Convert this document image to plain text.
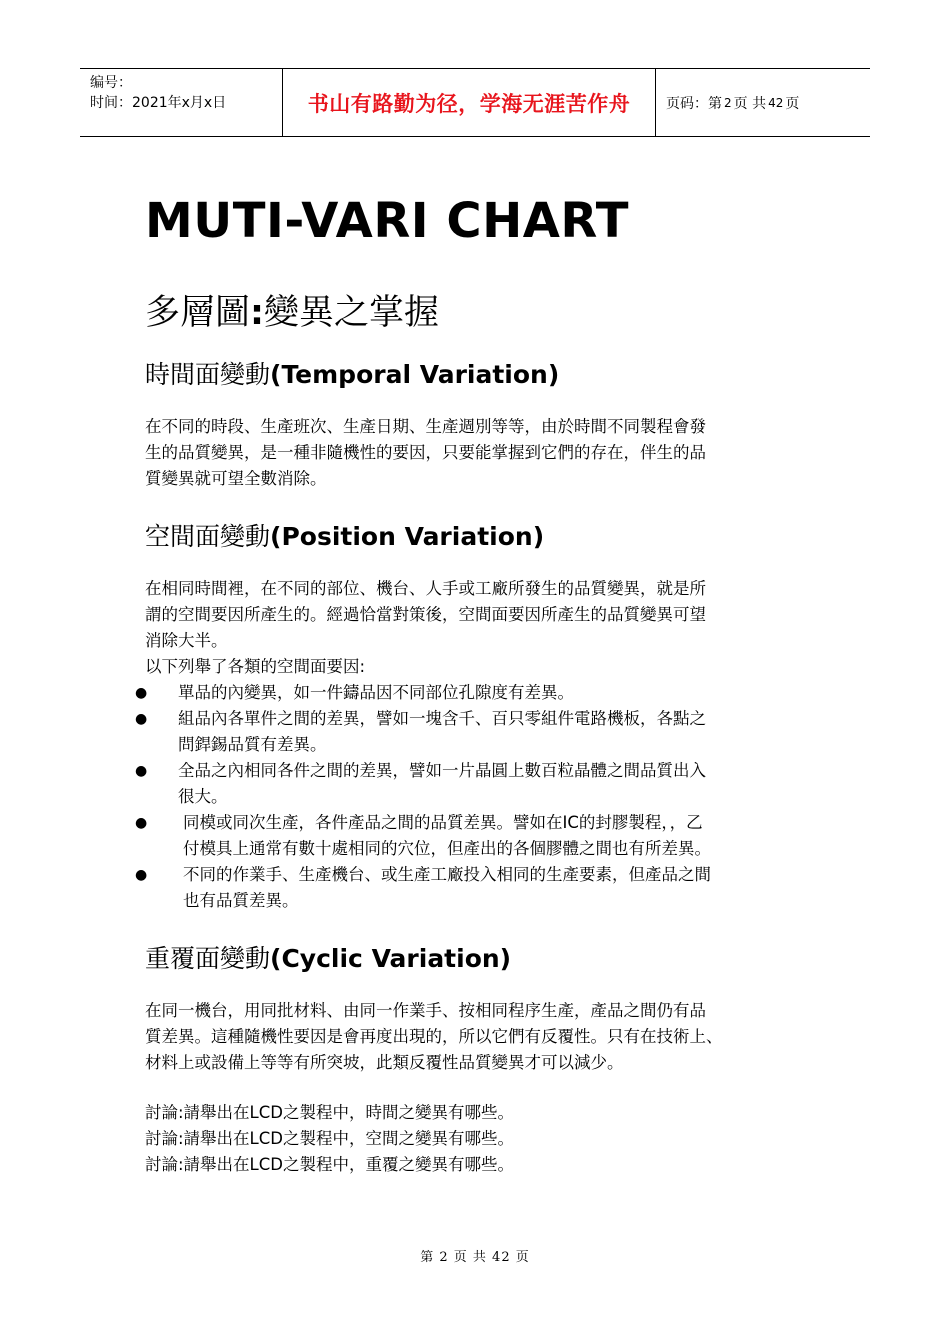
编号：
时间：2021年x月x日	书山有路勤为径，学海无涯苦作舟	页码：第 2 页 共 42 页
MUTI-VARI CHART
多層圖:變異之掌握
時間面變動(Temporal Variation)

在不同的時段、生產班次、生產日期、生產週別等等，由於時間不同製程會發

生的品質變異，是一種非隨機性的要因，只要能掌握到它們的存在，伴生的品

質變異就可望全數消除。

空間面變動(Position Variation)

在相同時間裡，在不同的部位、機台、人手或工廠所發生的品質變異，就是所

謂的空間要因所產生的。經過恰當對策後，空間面要因所產生的品質變異可望

消除大半。

以下列舉了各類的空間面要因:

● 單品的內變異，如一件鑄品因不同部位孔隙度有差異。
● 組品內各單件之間的差異，譬如一塊含千、百只零組件電路機板，各點之
問銲錫品質有差異。
● 全品之內相同各件之間的差異，譬如一片晶圓上數百粒晶體之間品質出入
很大。
● 同模或同次生產，各件產品之間的品質差異。譬如在IC的封膠製程，，乙
付模具上通常有數十處相同的穴位，但產出的各個膠體之間也有所差異。
● 不同的作業手、生產機台、或生產工廠投入相同的生產要素，但產品之間
也有品質差異。
重覆面變動(Cyclic Variation)

在同一機台，用同批材料、由同一作業手、按相同程序生產，產品之間仍有品

質差異。這種隨機性要因是會再度出現的，所以它們有反覆性。只有在技術上、

材料上或設備上等等有所突坡，此類反覆性品質變異才可以減少。

討論:請舉出在LCD之製程中，時間之變異有哪些。

討論:請舉出在LCD之製程中，空間之變異有哪些。

討論:請舉出在LCD之製程中，重覆之變異有哪些。

第 2 页 共 42 页
